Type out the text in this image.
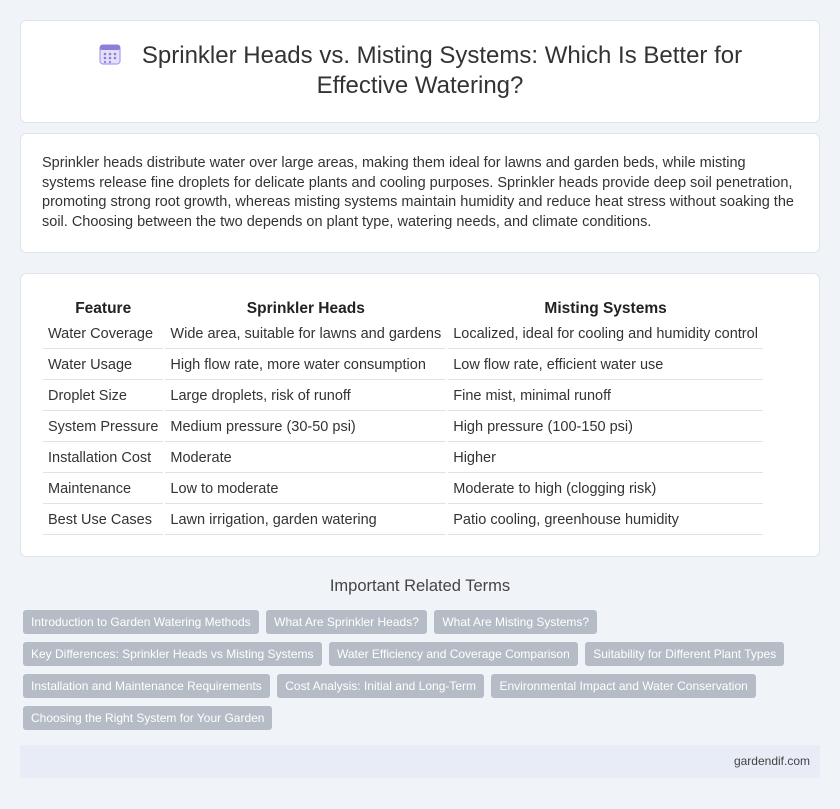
Sprinkler Heads vs. Misting Systems: Which Is Better for Effective Watering?

Sprinkler heads distribute water over large areas, making them ideal for lawns and garden beds, while misting systems release fine droplets for delicate plants and cooling purposes. Sprinkler heads provide deep soil penetration, promoting strong root growth, whereas misting systems maintain humidity and reduce heat stress without soaking the soil. Choosing between the two depends on plant type, watering needs, and climate conditions.

Feature	Sprinkler Heads	Misting Systems
Water Coverage	Wide area, suitable for lawns and gardens	Localized, ideal for cooling and humidity control
Water Usage	High flow rate, more water consumption	Low flow rate, efficient water use
Droplet Size	Large droplets, risk of runoff	Fine mist, minimal runoff
System Pressure	Medium pressure (30-50 psi)	High pressure (100-150 psi)
Installation Cost	Moderate	Higher
Maintenance	Low to moderate	Moderate to high (clogging risk)
Best Use Cases	Lawn irrigation, garden watering	Patio cooling, greenhouse humidity
Important Related Terms
Introduction to Garden Watering Methods What Are Sprinkler Heads? What Are Misting Systems?
Key Differences: Sprinkler Heads vs Misting Systems Water Efficiency and Coverage Comparison Suitability for Different Plant Types
Installation and Maintenance Requirements Cost Analysis: Initial and Long-Term Environmental Impact and Water Conservation
Choosing the Right System for Your Garden
gardendif.com
